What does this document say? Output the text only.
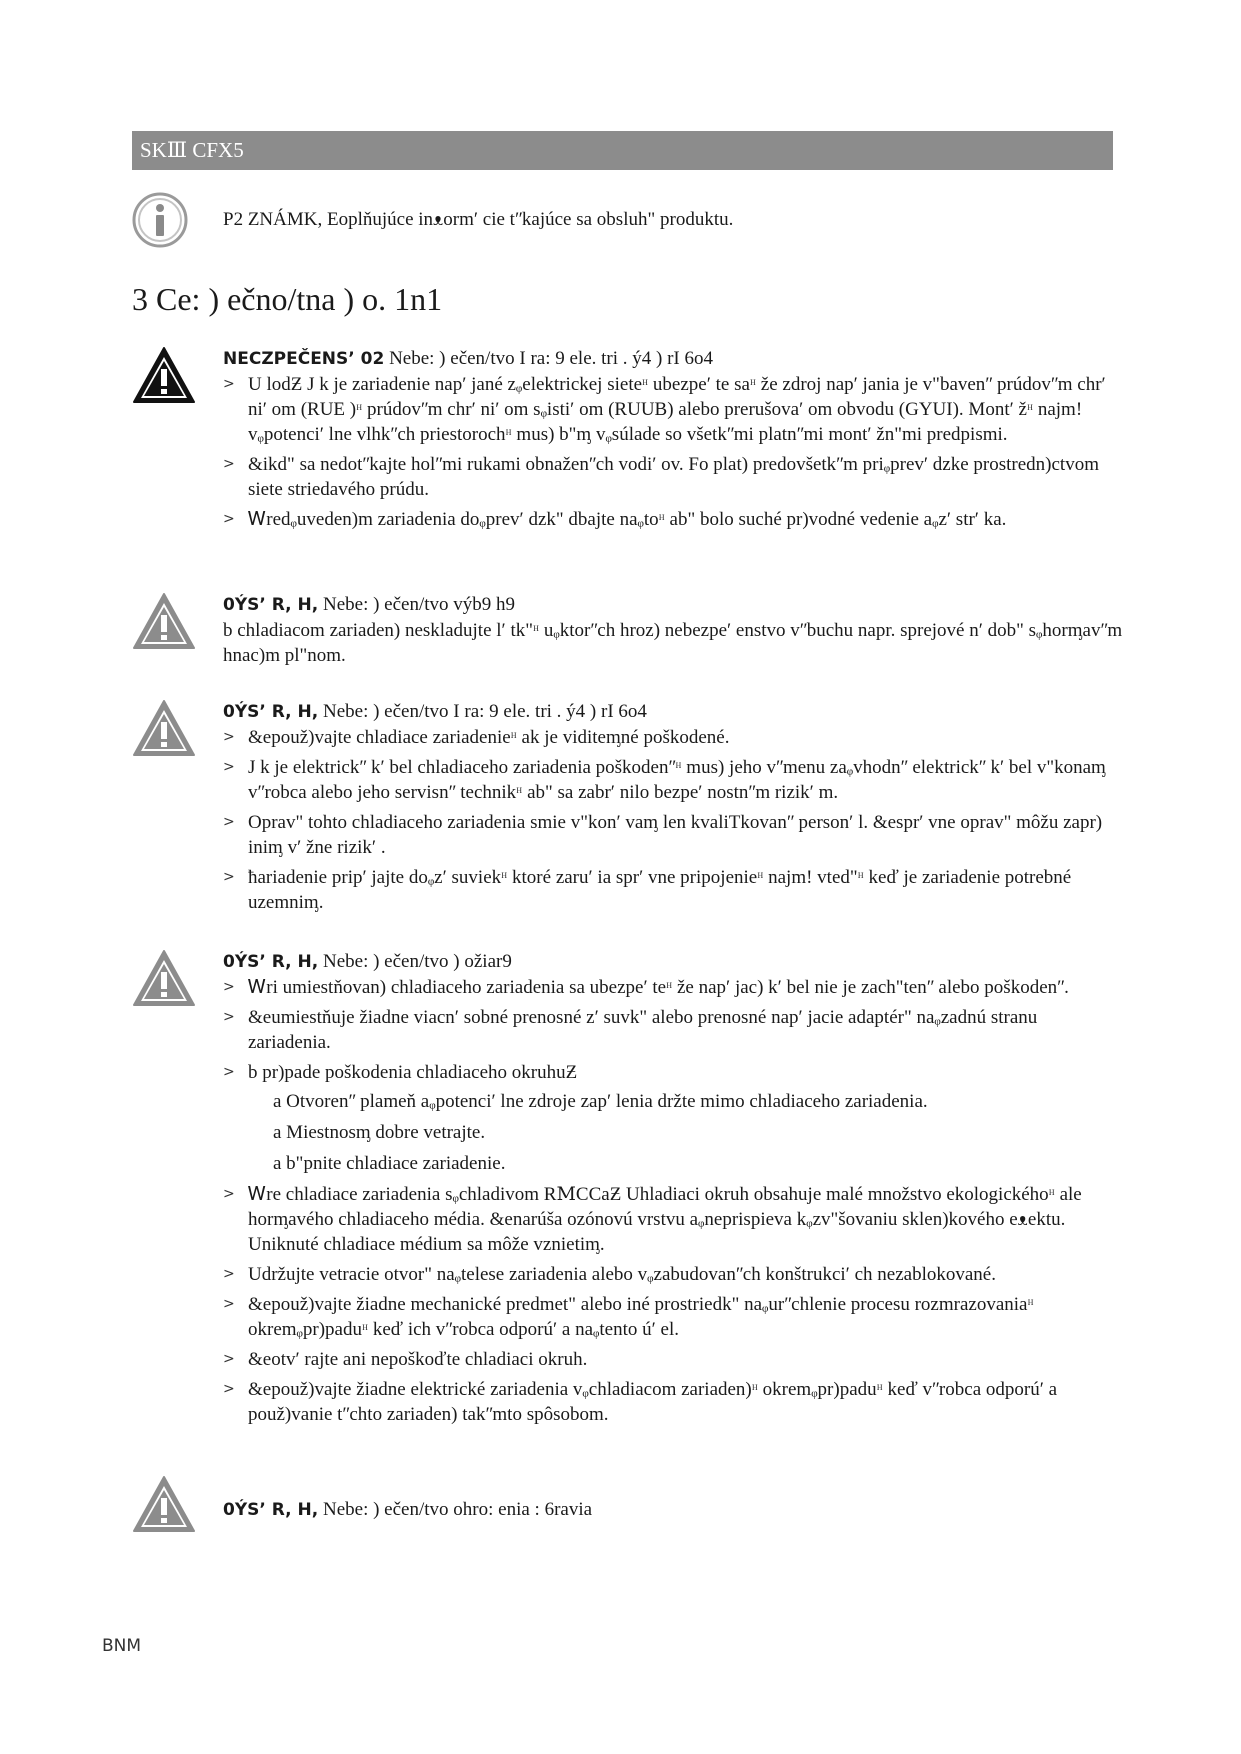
SKⅢ CFX5
P2 ZNÁMK, Eoplňujúce inᴥormʹ cie tʺkajúce sa obsluh" produktu.
3 Ce: ) ečno/tna ) o. 1n1

NECZPEČENS’ 02 Nebe: ) ečen/tvo I ra: 9 ele. tri . ý4 ) rI 6o4

> U lodƵ J k je zariadenie napʹ jané zᵩelektrickej sieteᵸ ubezpeʹ te saᵸ že zdroj napʹ jania je v"bavenʺ prúdovʺm chrʹ niʹ om (RUE )ᵸ prúdovʺm chrʹ niʹ om sᵩistiʹ om (RUUB) alebo prerušovaʹ om obvodu (GYUI). Montʹ žᵸ najm! vᵩpotenciʹ lne vlhkʺch priestorochᵸ mus) b"ᶆ vᵩsúlade so všetkʺmi platnʺmi montʹ žn"mi predpismi.
> &ikd" sa nedotʺkajte holʺmi rukami obnaženʺch vodiʹ ov. Fo plat) predovšetkʺm priᵩprevʹ dzke prostredn)ctvom siete striedavého prúdu.
> Ꮃredᵩuveden)m zariadenia doᵩprevʹ dzk" dbajte naᵩtoᵸ ab" bolo suché pr)vodné vedenie aᵩzʹ strʹ ka.

0ÝS’ R, H, Nebe: ) ečen/tvo výb9 h9

b chladiacom zariaden) neskladujte lʹ tk"ᵸ uᵩktorʺch hroz) nebezpeʹ enstvo vʺbuchu napr. sprejové nʹ dob" sᵩhorᶆavʺm hnac)m pl"nom.

0ÝS’ R, H, Nebe: ) ečen/tvo I ra: 9 ele. tri . ý4 ) rI 6o4

> &epouž)vajte chladiace zariadenieᵸ ak je viditeᶆné poškodené.
> J k je elektrickʺ kʹ bel chladiaceho zariadenia poškodenʺᵸ mus) jeho vʺmenu zaᵩvhodnʺ elektrickʺ kʹ bel v"konaᶆ vʺrobca alebo jeho servisnʺ technikᵸ ab" sa zabrʹ nilo bezpeʹ nostnʺm rizikʹ m.
> Oprav" tohto chladiaceho zariadenia smie v"konʹ vaᶆ len kvaliTkovanʺ personʹ l. &esprʹ vne oprav" môžu zapr) iniᶆ vʹ žne rizikʹ .
> ħariadenie pripʹ jajte doᵩzʹ suviekᵸ ktoré zaruʹ ia sprʹ vne pripojenieᵸ najm! vted"ᵸ keď je zariadenie potrebné uzemniᶆ.

0ÝS’ R, H, Nebe: ) ečen/tvo ) ožiar9

> Ꮃri umiestňovan) chladiaceho zariadenia sa ubezpeʹ teᵸ že napʹ jac) kʹ bel nie je zach"tenʺ alebo poškodenʺ.
> &eumiestňuje žiadne viacnʹ sobné prenosné zʹ suvk" alebo prenosné napʹ jacie adaptér" naᵩzadnú stranu zariadenia.
> b pr)pade poškodenia chladiaceho okruhuƵ
a Otvorenʺ plameň aᵩpotenciʹ lne zdroje zapʹ lenia držte mimo chladiaceho zariadenia.
a Miestnosᶆ dobre vetrajte.
a b"pnite chladiace zariadenie.
> Ꮃre chladiace zariadenia sᵩchladivom RⅯCCaƵ Uhladiaci okruh obsahuje malé množstvo ekologickéhoᵸ ale horᶆavého chladiaceho média. &enarúša ozónovú vrstvu aᵩneprispieva kᵩzv"šovaniu sklen)kového eᴥektu. Uniknuté chladiace médium sa môže vznietiᶆ.
> Udržujte vetracie otvor" naᵩtelese zariadenia alebo vᵩzabudovanʺch konštrukciʹ ch nezablokované.
> &epouž)vajte žiadne mechanické predmet" alebo iné prostriedk" naᵩurʺchlenie procesu rozmrazovaniaᵸ okremᵩpr)paduᵸ keď ich vʺrobca odporúʹ a naᵩtento úʹ el.
> &eotvʹ rajte ani nepoškoďte chladiaci okruh.
> &epouž)vajte žiadne elektrické zariadenia vᵩchladiacom zariaden)ᵸ okremᵩpr)paduᵸ keď vʺrobca odporúʹ a použ)vanie tʺchto zariaden) takʺmto spôsobom.

0ÝS’ R, H, Nebe: ) ečen/tvo ohro: enia : 6ravia

BNⅯ
